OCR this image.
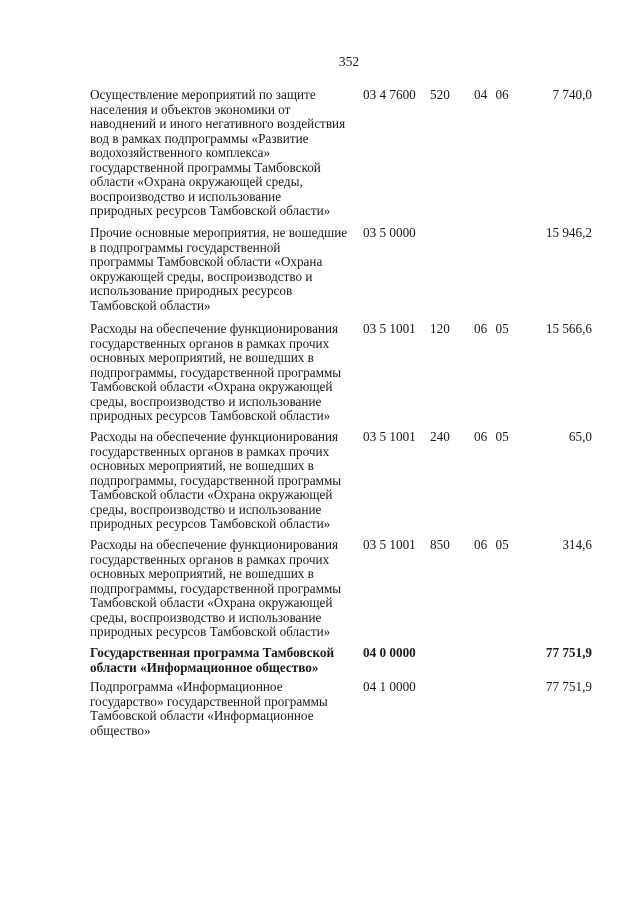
352
Осуществление мероприятий по защите
населения и объектов экономики от
наводнений и иного негативного воздействия
вод в рамках подпрограммы «Развитие
водохозяйственного комплекса»
государственной программы Тамбовской
области «Охрана окружающей среды,
воспроизводство и использование
природных ресурсов Тамбовской области»
03 4 7600 520 04 06	7 740,0
Прочие основные мероприятия, не вошедшие
в подпрограммы государственной
программы Тамбовской области «Охрана
окружающей среды, воспроизводство и
использование природных ресурсов
Тамбовской области»
03 5 0000	15 946,2
Расходы на обеспечение функционирования
государственных органов в рамках прочих
основных мероприятий, не вошедших в
подпрограммы, государственной программы
Тамбовской области «Охрана окружающей
среды, воспроизводство и использование
природных ресурсов Тамбовской области»
03 5 1001 120 06 05	15 566,6
Расходы на обеспечение функционирования
государственных органов в рамках прочих
основных мероприятий, не вошедших в
подпрограммы, государственной программы
Тамбовской области «Охрана окружающей
среды, воспроизводство и использование
природных ресурсов Тамбовской области»
03 5 1001 240 06 05	65,0
Расходы на обеспечение функционирования
государственных органов в рамках прочих
основных мероприятий, не вошедших в
подпрограммы, государственной программы
Тамбовской области «Охрана окружающей
среды, воспроизводство и использование
природных ресурсов Тамбовской области»
03 5 1001 850 06 05	314,6
Государственная программа Тамбовской
области «Информационное общество»
04 0 0000	77 751,9
Подпрограмма «Информационное
государство» государственной программы
Тамбовской области «Информационное
общество»
04 1 0000	77 751,9
